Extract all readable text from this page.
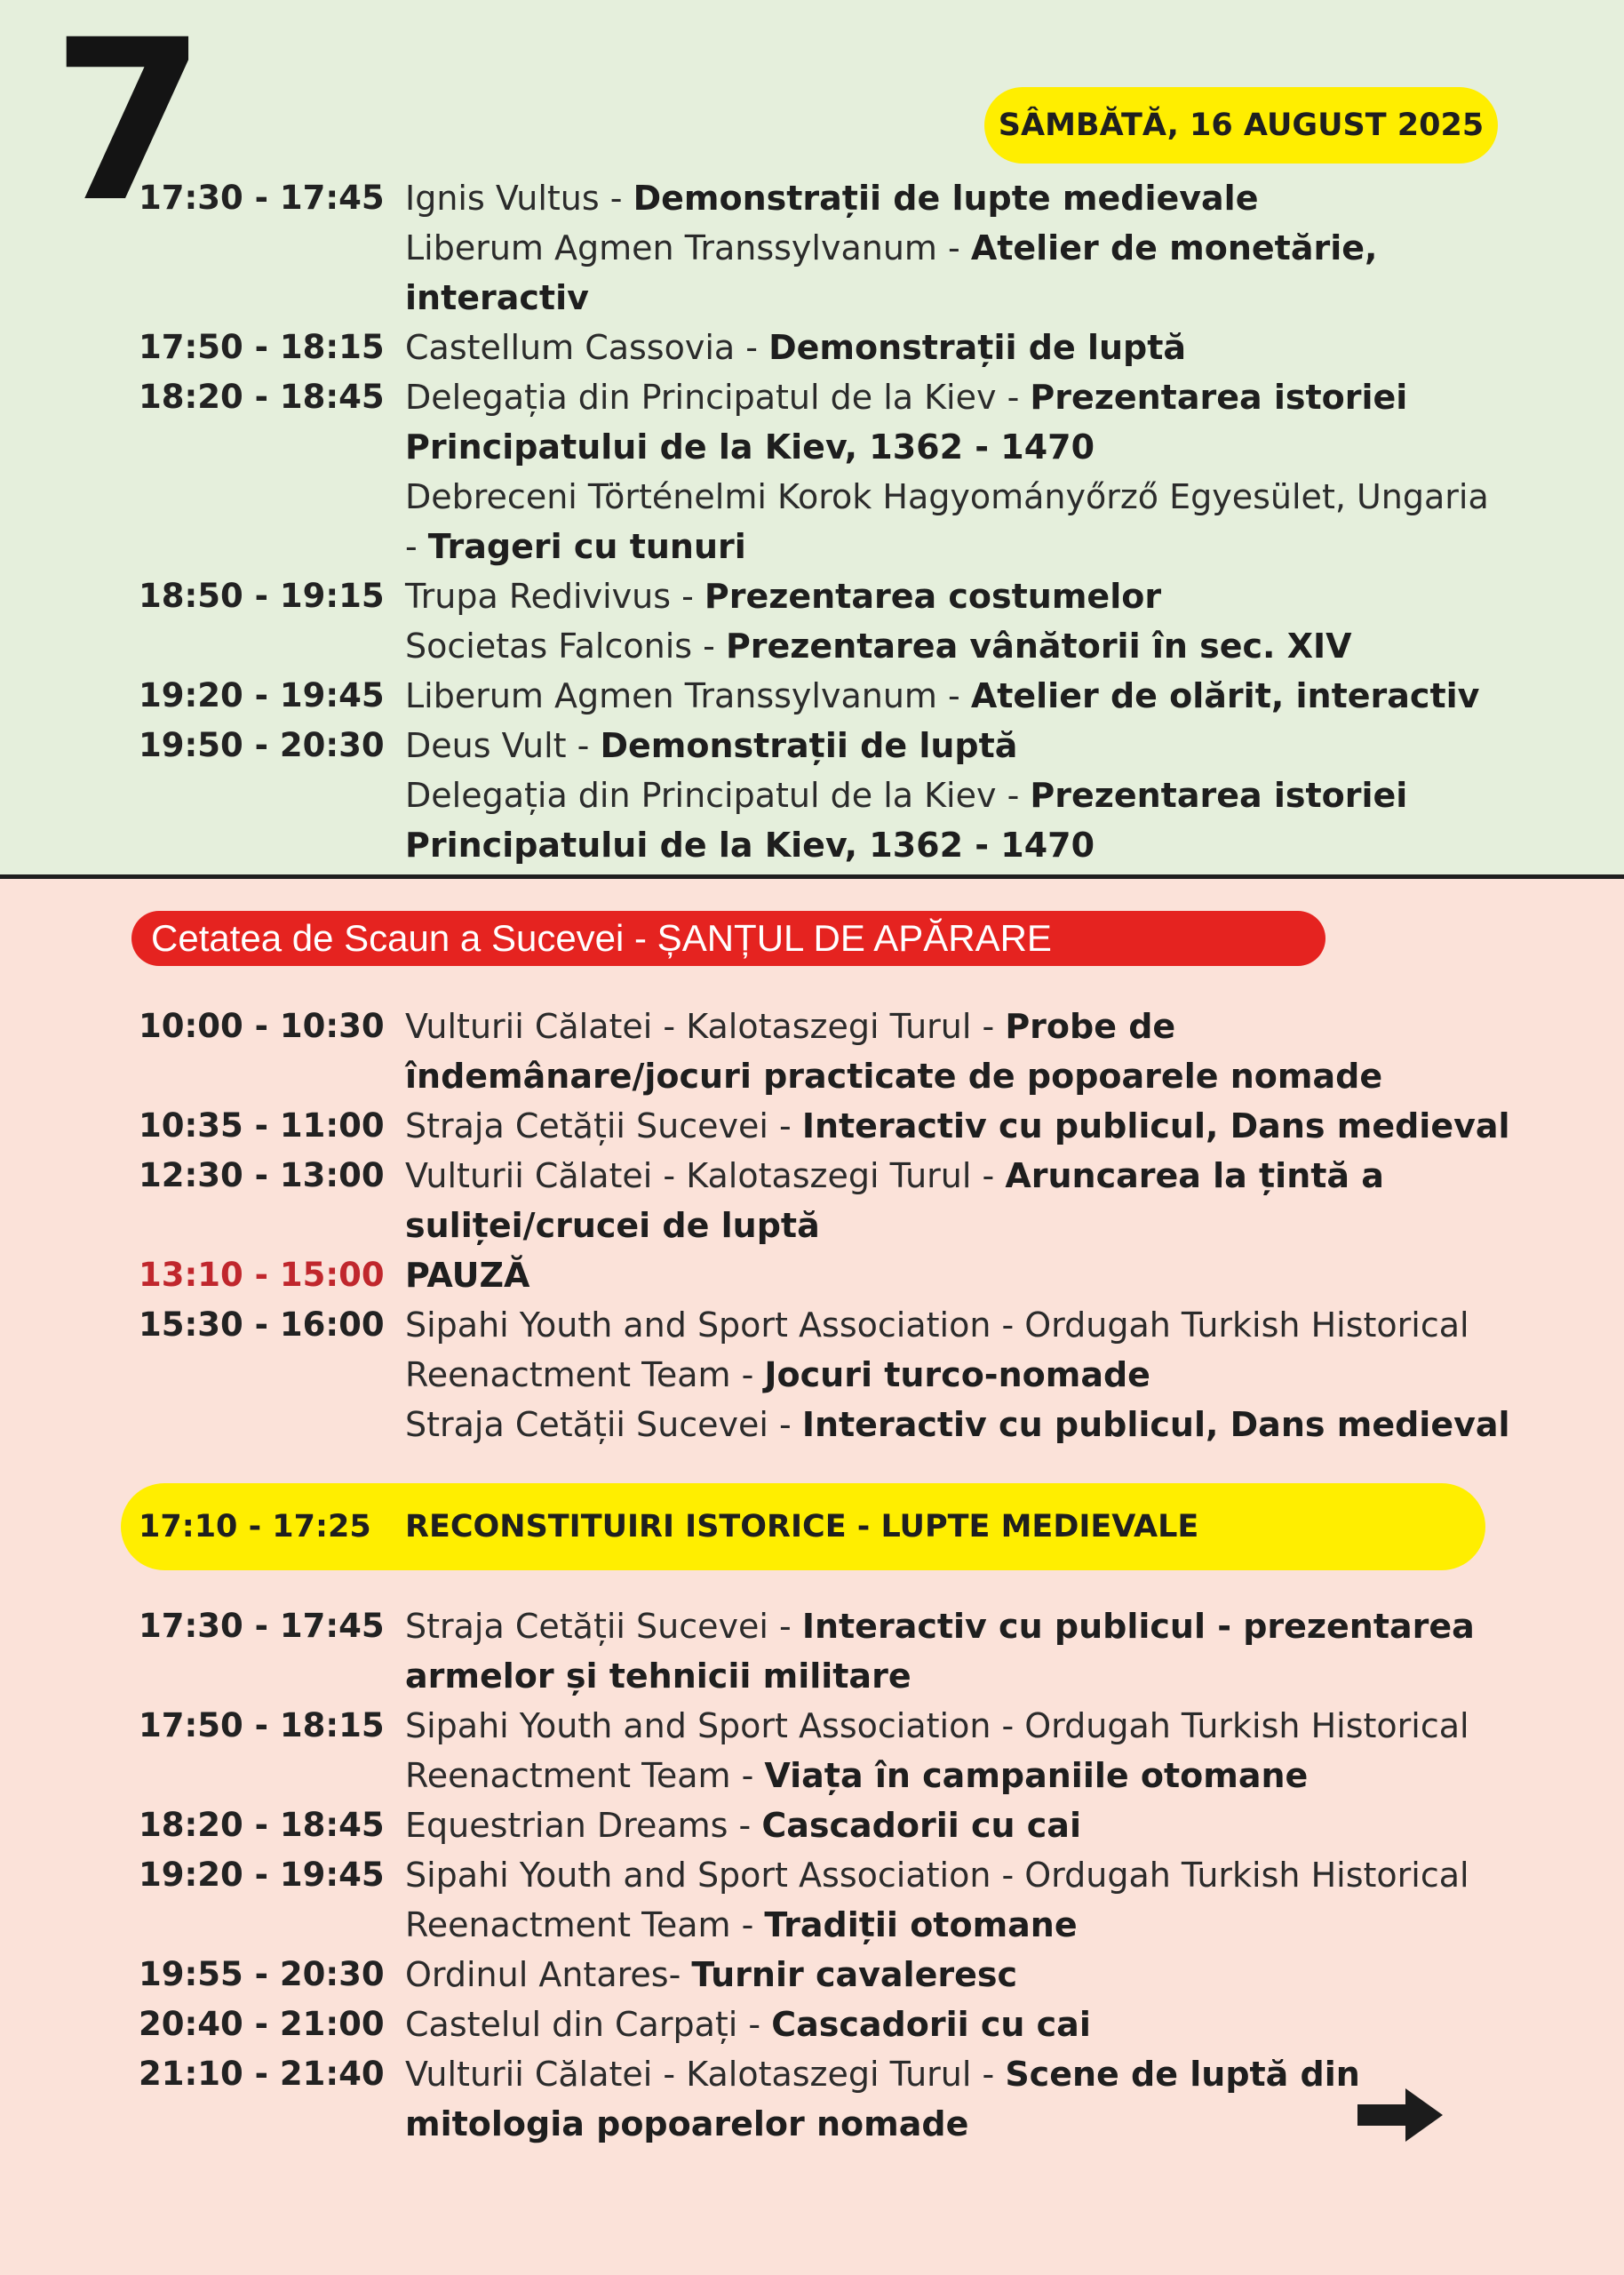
7	SÂMBĂTĂ, 16 AUGUST 2025
17:30 - 17:45 Ignis Vultus - Demonstrații de lupte medievale
Liberum Agmen Transsylvanum - Atelier de monetărie, interactiv
17:50 - 18:15 Castellum Cassovia - Demonstrații de luptă
18:20 - 18:45 Delegația din Principatul de la Kiev - Prezentarea istoriei
Principatului de la Kiev, 1362 - 1470
Debreceni Történelmi Korok Hagyományőrző Egyesület, Ungaria
- Trageri cu tunuri
18:50 - 19:15 Trupa Redivivus - Prezentarea costumelor
Societas Falconis - Prezentarea vânătorii în sec. XIV
19:20 - 19:45 Liberum Agmen Transsylvanum - Atelier de olărit, interactiv
19:50 - 20:30 Deus Vult - Demonstrații de luptă
Delegația din Principatul de la Kiev - Prezentarea istoriei
Principatului de la Kiev, 1362 - 1470
Cetatea de Scaun a Sucevei - ȘANȚUL DE APĂRARE
10:00 - 10:30 Vulturii Călatei - Kalotaszegi Turul - Probe de
îndemânare/jocuri practicate de popoarele nomade
10:35 - 11:00 Straja Cetății Sucevei - Interactiv cu publicul, Dans medieval
12:30 - 13:00 Vulturii Călatei - Kalotaszegi Turul - Aruncarea la țintă a
suliței/crucei de luptă
13:10 - 15:00 PAUZĂ
15:30 - 16:00 Sipahi Youth and Sport Association - Ordugah Turkish Historical
Reenactment Team - Jocuri turco-nomade
Straja Cetății Sucevei - Interactiv cu publicul, Dans medieval
17:10 - 17:25	RECONSTITUIRI ISTORICE - LUPTE MEDIEVALE
17:30 - 17:45 Straja Cetății Sucevei - Interactiv cu publicul - prezentarea
armelor și tehnicii militare
17:50 - 18:15 Sipahi Youth and Sport Association - Ordugah Turkish Historical
Reenactment Team - Viața în campaniile otomane
18:20 - 18:45 Equestrian Dreams - Cascadorii cu cai
19:20 - 19:45 Sipahi Youth and Sport Association - Ordugah Turkish Historical
Reenactment Team - Tradiții otomane
19:55 - 20:30 Ordinul Antares- Turnir cavaleresc
20:40 - 21:00 Castelul din Carpați - Cascadorii cu cai
21:10 - 21:40 Vulturii Călatei - Kalotaszegi Turul - Scene de luptă din
mitologia popoarelor nomade
